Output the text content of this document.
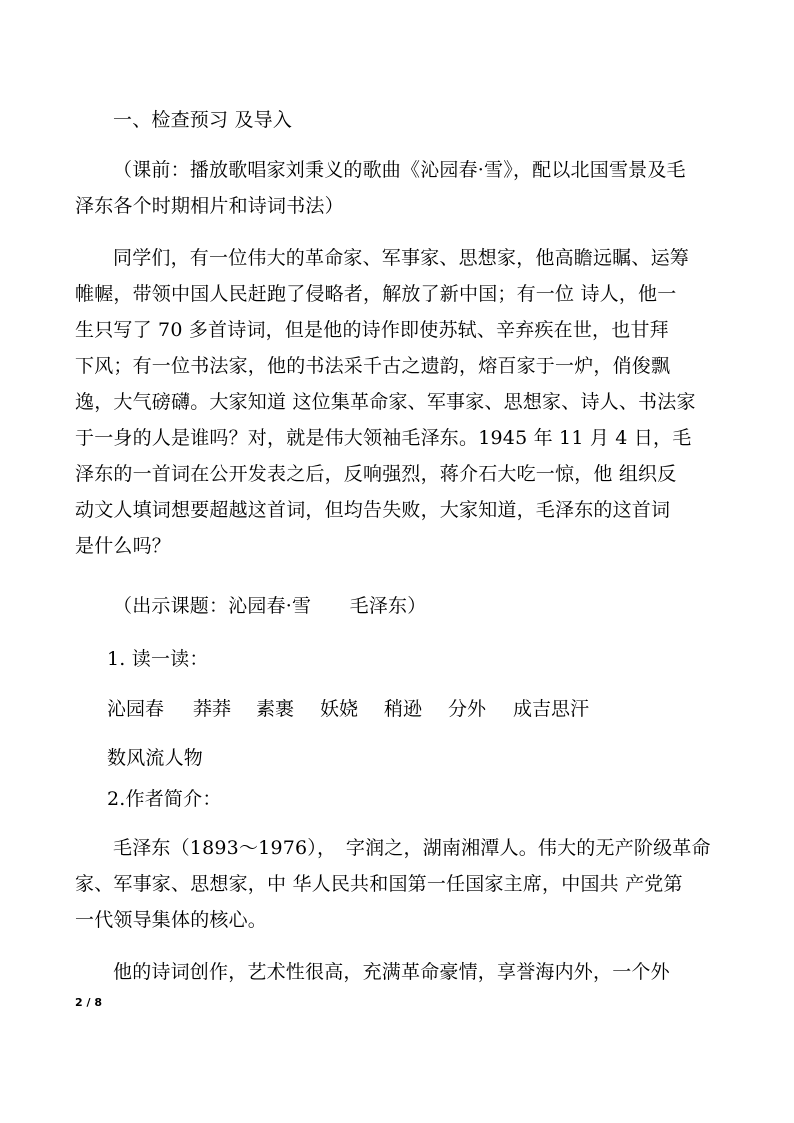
一、检查预习 及导入
（课前：播放歌唱家刘秉义的歌曲《沁园春·雪》，配以北国雪景及毛
泽东各个时期相片和诗词书法）
同学们，有一位伟大的革命家、军事家、思想家，他高瞻远瞩、运筹
帷幄，带领中国人民赶跑了侵略者，解放了新中国；有一位 诗人，他一
生只写了 70 多首诗词，但是他的诗作即使苏轼、辛弃疾在世，也甘拜
下风；有一位书法家，他的书法采千古之遗韵，熔百家于一炉，俏俊飘
逸，大气磅礴。大家知道 这位集革命家、军事家、思想家、诗人、书法家
于一身的人是谁吗？对，就是伟大领袖毛泽东。1945 年 11 月 4 日，毛
泽东的一首词在公开发表之后，反响强烈，蒋介石大吃一惊，他 组织反
动文人填词想要超越这首词，但均告失败，大家知道，毛泽东的这首词
是什么吗？
（出示课题：沁园春·雪　　毛泽东）
1. 读一读：
沁园春 莽莽 素裹 妖娆 稍逊 分外 成吉思汗
数风流人物
2.作者简介：
毛泽东（1893～1976），　字润之，湖南湘潭人。伟大的无产阶级革命
家、军事家、思想家，中 华人民共和国第一任国家主席，中国共 产党第
一代领导集体的核心。
他的诗词创作，艺术性很高，充满革命豪情，享誉海内外，一个外
2 / 8
